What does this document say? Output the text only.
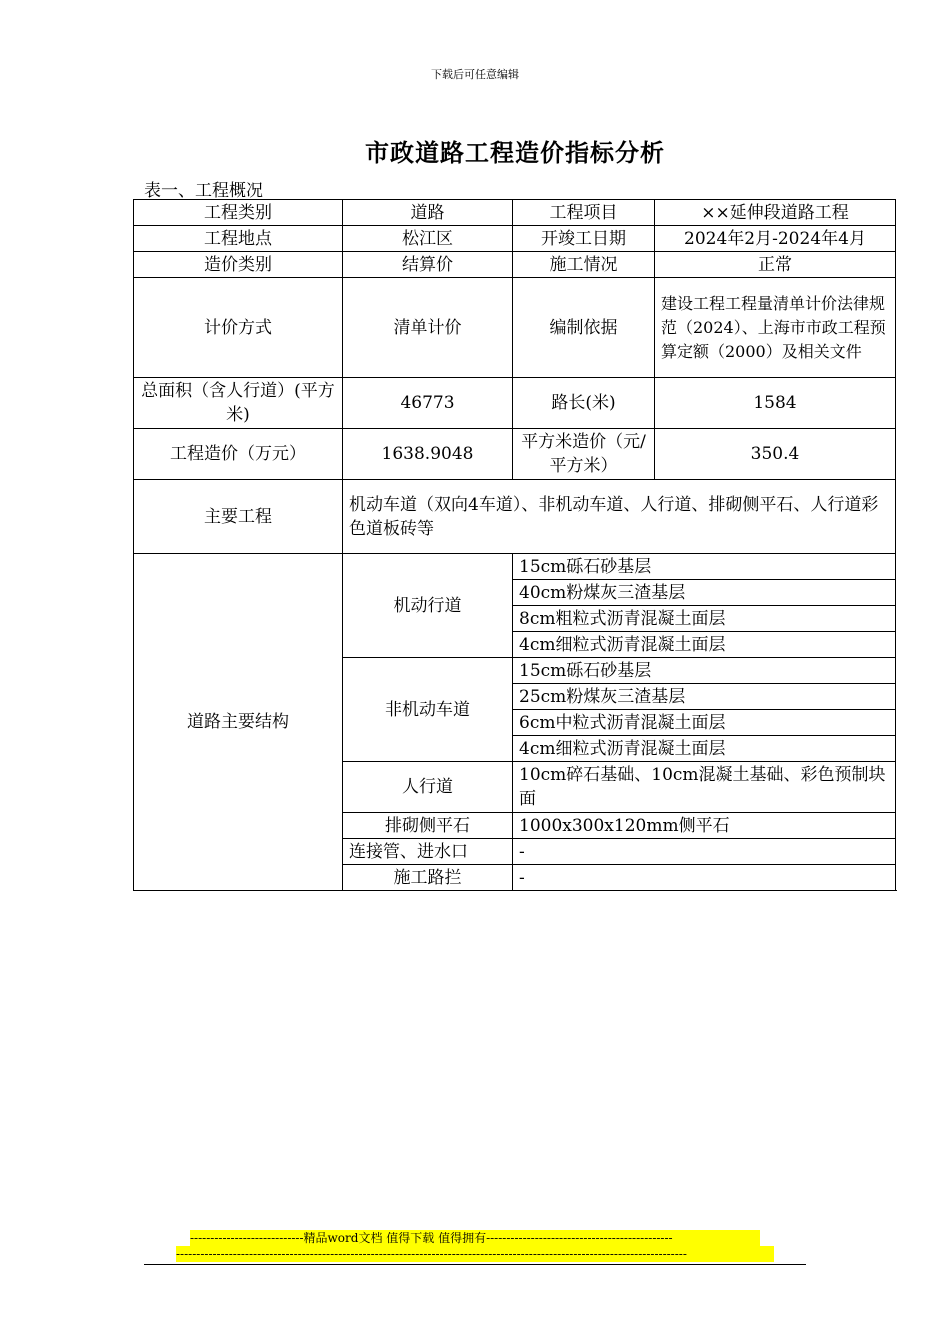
下载后可任意编辑
市政道路工程造价指标分析
表一、工程概况
工程类别	道路	工程项目	××延伸段道路工程
工程地点	松江区	开竣工日期	2024年2月-2024年4月
造价类别	结算价	施工情况	正常
计价方式	清单计价	编制依据	建设工程工程量清单计价法律规范（2024）、上海市市政工程预算定额（2000）及相关文件
总面积（含人行道）(平方米)	46773	路长(米)	1584
工程造价（万元）	1638.9048	平方米造价（元/平方米）	350.4
主要工程	机动车道（双向4车道）、非机动车道、人行道、排砌侧平石、人行道彩色道板砖等		
道路主要结构	机动行道	15cm砾石砂基层	
		40cm粉煤灰三渣基层	
		8cm粗粒式沥青混凝土面层	
		4cm细粒式沥青混凝土面层	
	非机动车道	15cm砾石砂基层	
		25cm粉煤灰三渣基层	
		6cm中粒式沥青混凝土面层	
		4cm细粒式沥青混凝土面层	
	人行道	10cm碎石基础、10cm混凝土基础、彩色预制块面	
	排砌侧平石	1000x300x120mm侧平石	
	连接管、进水口	-	
	施工路拦	-	
----------------------------精品word文档 值得下载 值得拥有----------------------------------------------
------------------------------------------------------------------------------------------------------------------------------
